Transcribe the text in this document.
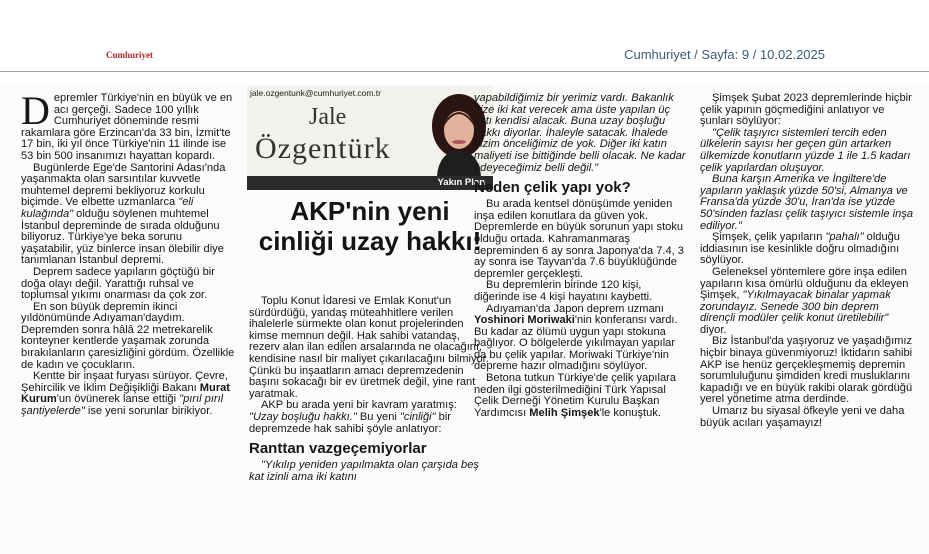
Cumhuriyet	Cumhuriyet / Sayfa: 9 / 10.02.2025

Depremler Türkiye'nin en büyük ve en acı gerçeği. Sadece 100 yıllık Cumhuriyet döneminde resmi rakamlara göre Erzincan'da 33 bin, İzmit'te 17 bin, iki yıl önce Türkiye'nin 11 ilinde ise 53 bin 500 insanımızı hayattan kopardı.

Bugünlerde Ege'de Santorini Adası'nda yaşanmakta olan sarsıntılar kuvvetle muhtemel depremi bekliyoruz korkulu biçimde. Ve elbette uzmanlarca "eli kulağında" olduğu söylenen muhtemel İstanbul depreminde de sırada olduğunu biliyoruz. Türkiye'ye beka sorunu yaşatabilir, yüz binlerce insan ölebilir diye tanımlanan İstanbul depremi.

Deprem sadece yapıların göçtüğü bir doğa olayı değil. Yarattığı ruhsal ve toplumsal yıkımı onarması da çok zor.

En son büyük depremin ikinci yıldönümünde Adıyaman'daydım. Depremden sonra hâlâ 22 metrekarelik konteyner kentlerde yaşamak zorunda bırakılanların çaresizliğini gördüm. Özellikle de kadın ve çocukların.

Kentte bir inşaat furyası sürüyor. Çevre, Şehircilik ve İklim Değişikliği Bakanı Murat Kurum'un övünerek lanse ettiği "pırıl pırıl şantiyelerde" ise yeni sorunlar birikiyor.

jale.ozgentunk@cumhuriyet.com.tr
Jale
Özgentürk
Yakın Plan
AKP'nin yeni cinliği uzay hakkı!

Toplu Konut İdaresi ve Emlak Konut'un sürdürdüğü, yandaş müteahhitlere verilen ihalelerle sürmekte olan konut projelerinden kimse memnun değil. Hak sahibi vatandaş, rezerv alan ilan edilen arsalarında ne olacağını, kendisine nasıl bir maliyet çıkarılacağını bilmiyor. Çünkü bu inşaatların amacı depremzedenin başını sokacağı bir ev üretmek değil, yine rant yaratmak.

AKP bu arada yeni bir kavram yaratmış: "Uzay boşluğu hakkı." Bu yeni "cinliği" bir depremzede hak sahibi şöyle anlatıyor:

Ranttan vazgeçemiyorlar

"Yıkılıp yeniden yapılmakta olan çarşıda beş kat izinli ama iki katını

yapabildiğimiz bir yerimiz vardı. Bakanlık bize iki kat verecek ama üste yapılan üç katı kendisi alacak. Buna uzay boşluğu hakkı diyorlar. İhaleyle satacak. İhalede bizim önceliğimiz de yok. Diğer iki katın maliyeti ise bittiğinde belli olacak. Ne kadar ödeyeceğimiz belli değil."

Neden çelik yapı yok?

Bu arada kentsel dönüşümde yeniden inşa edilen konutlara da güven yok. Depremlerde en büyük sorunun yapı stoku olduğu ortada. Kahramanmaraş depreminden 6 ay sonra Japonya'da 7.4, 3 ay sonra ise Tayvan'da 7.6 büyüklüğünde depremler gerçekleşti.

Bu depremlerin birinde 120 kişi, diğerinde ise 4 kişi hayatını kaybetti.

Adıyaman'da Japon deprem uzmanı Yoshinori Moriwaki'nin konferansı vardı. Bu kadar az ölümü uygun yapı stokuna bağlıyor. O bölgelerde yıkılmayan yapılar da bu çelik yapılar. Moriwaki Türkiye'nin depreme hazır olmadığını söylüyor.

Betona tutkun Türkiye'de çelik yapılara neden ilgi gösterilmediğini Türk Yapısal Çelik Derneği Yönetim Kurulu Başkan Yardımcısı Melih Şimşek'le konuştuk.

Şimşek Şubat 2023 depremlerinde hiçbir çelik yapının göçmediğini anlatıyor ve şunları söylüyor:

"Çelik taşıyıcı sistemleri tercih eden ülkelerin sayısı her geçen gün artarken ülkemizde konutların yüzde 1 ile 1.5 kadarı çelik yapılardan oluşuyor.

Buna karşın Amerika ve İngiltere'de yapıların yaklaşık yüzde 50'si, Almanya ve Fransa'da yüzde 30'u, İran'da ise yüzde 50'sinden fazlası çelik taşıyıcı sistemle inşa ediliyor."

Şimşek, çelik yapıların "pahalı" olduğu iddiasının ise kesinlikle doğru olmadığını söylüyor.

Geleneksel yöntemlere göre inşa edilen yapıların kısa ömürlü olduğunu da ekleyen Şimşek, "Yıkılmayacak binalar yapmak zorundayız. Senede 300 bin deprem dirençli modüler çelik konut üretilebilir" diyor.

Biz İstanbul'da yaşıyoruz ve yaşadığımız hiçbir binaya güvenmiyoruz! İktidarın sahibi AKP ise henüz gerçekleşmemiş depremin sorumluluğunu şimdiden kredi musluklarını kapadığı ve en büyük rakibi olarak gördüğü yerel yönetime atma derdinde.

Umarız bu siyasal öfkeyle yeni ve daha büyük acıları yaşamayız!
